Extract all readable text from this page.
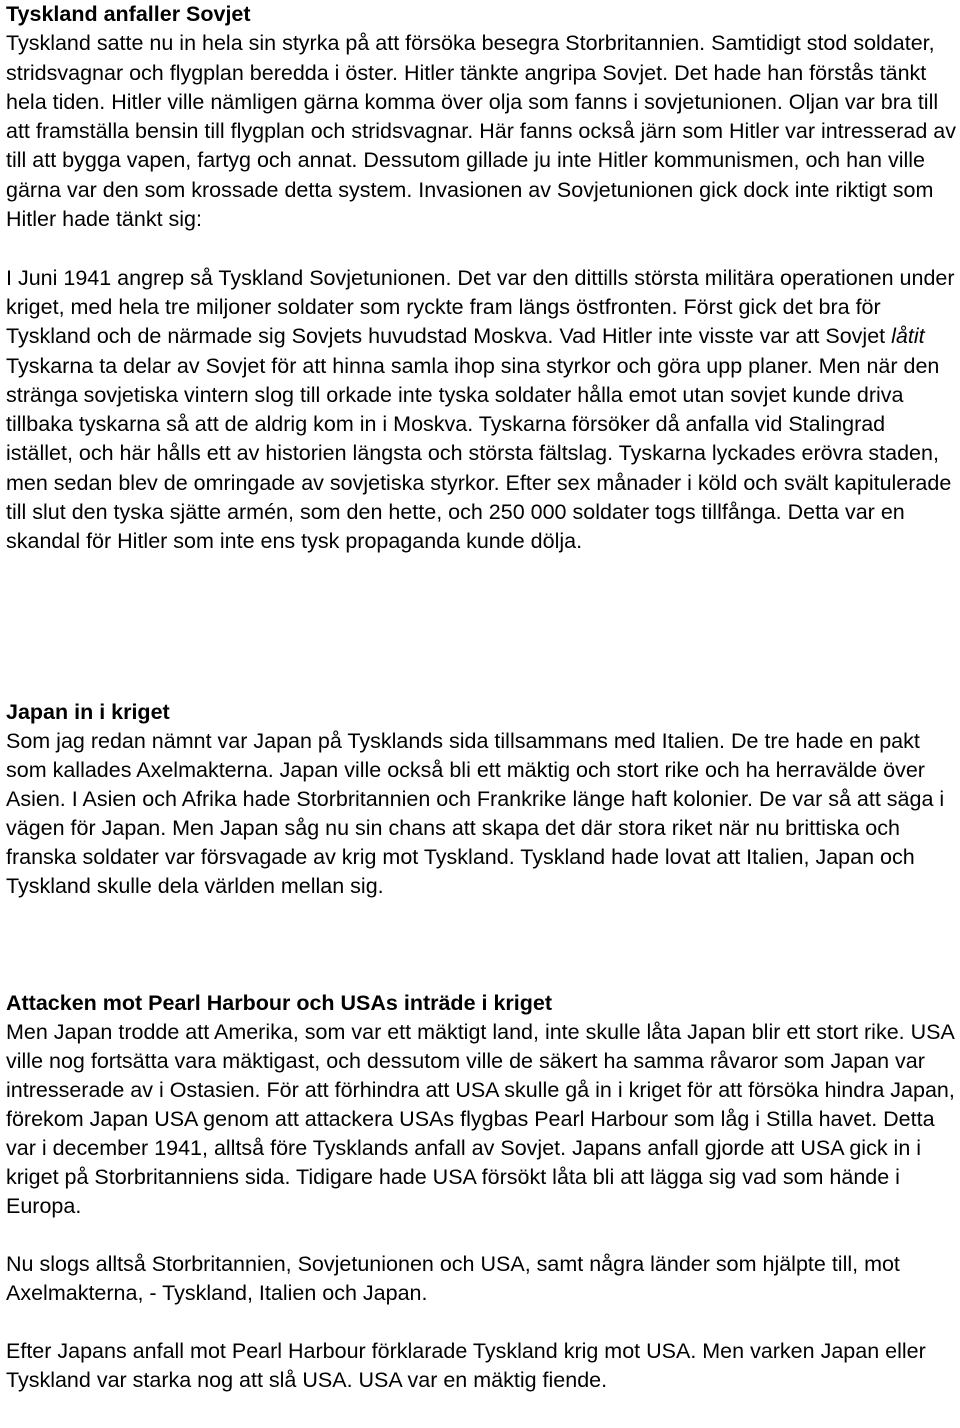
Tyskland anfaller Sovjet

Tyskland satte nu in hela sin styrka på att försöka besegra Storbritannien. Samtidigt stod soldater, stridsvagnar och flygplan beredda i öster. Hitler tänkte angripa Sovjet. Det hade han förstås tänkt hela tiden. Hitler ville nämligen gärna komma över olja som fanns i sovjetunionen. Oljan var bra till att framställa bensin till flygplan och stridsvagnar. Här fanns också järn som Hitler var intresserad av till att bygga vapen, fartyg och annat. Dessutom gillade ju inte Hitler kommunismen, och han ville gärna var den som krossade detta system. Invasionen av Sovjetunionen gick dock inte riktigt som Hitler hade tänkt sig:

I Juni 1941 angrep så Tyskland Sovjetunionen. Det var den dittills största militära operationen under kriget, med hela tre miljoner soldater som ryckte fram längs östfronten. Först gick det bra för Tyskland och de närmade sig Sovjets huvudstad Moskva. Vad Hitler inte visste var att Sovjet låtit Tyskarna ta delar av Sovjet för att hinna samla ihop sina styrkor och göra upp planer. Men när den stränga sovjetiska vintern slog till orkade inte tyska soldater hålla emot utan sovjet kunde driva tillbaka tyskarna så att de aldrig kom in i Moskva. Tyskarna försöker då anfalla vid Stalingrad istället, och här hålls ett av historien längsta och största fältslag. Tyskarna lyckades erövra staden, men sedan blev de omringade av sovjetiska styrkor. Efter sex månader i köld och svält kapitulerade till slut den tyska sjätte armén, som den hette, och 250 000 soldater togs tillfånga. Detta var en skandal för Hitler som inte ens tysk propaganda kunde dölja.

Japan in i kriget

Som jag redan nämnt var Japan på Tysklands sida tillsammans med Italien. De tre hade en pakt som kallades Axelmakterna. Japan ville också bli ett mäktig och stort rike och ha herravälde över Asien. I Asien och Afrika hade Storbritannien och Frankrike länge haft kolonier. De var så att säga i vägen för Japan. Men Japan såg nu sin chans att skapa det där stora riket när nu brittiska och franska soldater var försvagade av krig mot Tyskland. Tyskland hade lovat att Italien, Japan och Tyskland skulle dela världen mellan sig.

Attacken mot Pearl Harbour och USAs inträde i kriget

Men Japan trodde att Amerika, som var ett mäktigt land, inte skulle låta Japan blir ett stort rike. USA ville nog fortsätta vara mäktigast, och dessutom ville de säkert ha samma råvaror som Japan var intresserade av i Ostasien. För att förhindra att USA skulle gå in i kriget för att försöka hindra Japan, förekom Japan USA genom att attackera USAs flygbas Pearl Harbour som låg i Stilla havet. Detta var i december 1941, alltså före Tysklands anfall av Sovjet. Japans anfall gjorde att USA gick in i kriget på Storbritanniens sida. Tidigare hade USA försökt låta bli att lägga sig vad som hände i Europa.

Nu slogs alltså Storbritannien, Sovjetunionen och USA, samt några länder som hjälpte till, mot Axelmakterna, - Tyskland, Italien och Japan.

Efter Japans anfall mot Pearl Harbour förklarade Tyskland krig mot USA. Men varken Japan eller Tyskland var starka nog att slå USA. USA var en mäktig fiende.
